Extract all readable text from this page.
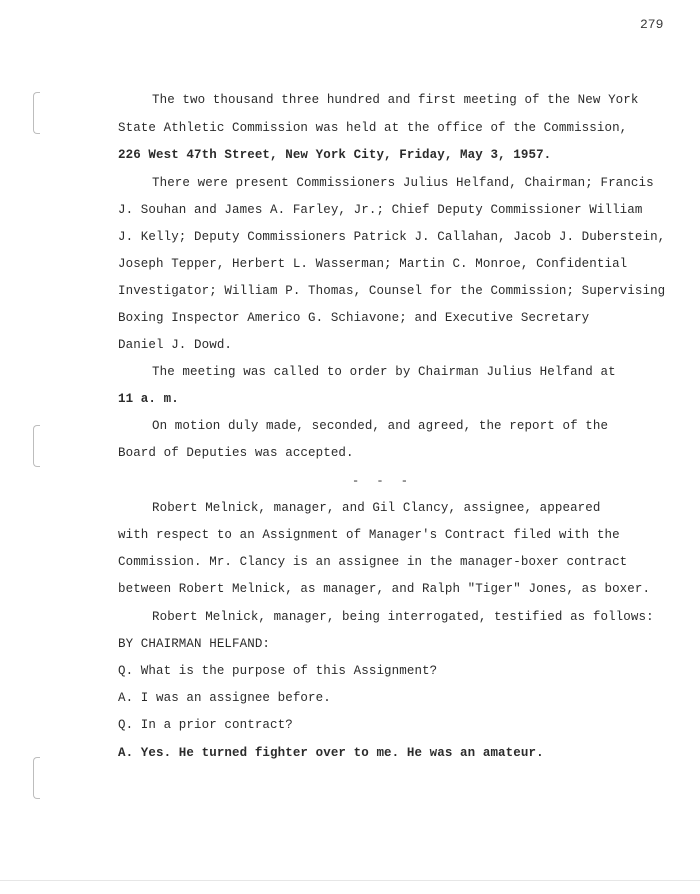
279
The two thousand three hundred and first meeting of the New York
State Athletic Commission was held at the office of the Commission,
226 West 47th Street, New York City, Friday, May 3, 1957.
There were present Commissioners Julius Helfand, Chairman; Francis
J. Souhan and James A. Farley, Jr.; Chief Deputy Commissioner William
J. Kelly; Deputy Commissioners Patrick J. Callahan, Jacob J. Duberstein,
Joseph Tepper, Herbert L. Wasserman; Martin C. Monroe, Confidential
Investigator; William P. Thomas, Counsel for the Commission; Supervising
Boxing Inspector Americo G. Schiavone; and Executive Secretary
Daniel J. Dowd.
The meeting was called to order by Chairman Julius Helfand at
11 a. m.
On motion duly made, seconded, and agreed, the report of the
Board of Deputies was accepted.
- - -
Robert Melnick, manager, and Gil Clancy, assignee, appeared
with respect to an Assignment of Manager's Contract filed with the
Commission. Mr. Clancy is an assignee in the manager-boxer contract
between Robert Melnick, as manager, and Ralph "Tiger" Jones, as boxer.
Robert Melnick, manager, being interrogated, testified as follows:
BY CHAIRMAN HELFAND:
Q. What is the purpose of this Assignment?
A. I was an assignee before.
Q. In a prior contract?
A. Yes. He turned fighter over to me. He was an amateur.
